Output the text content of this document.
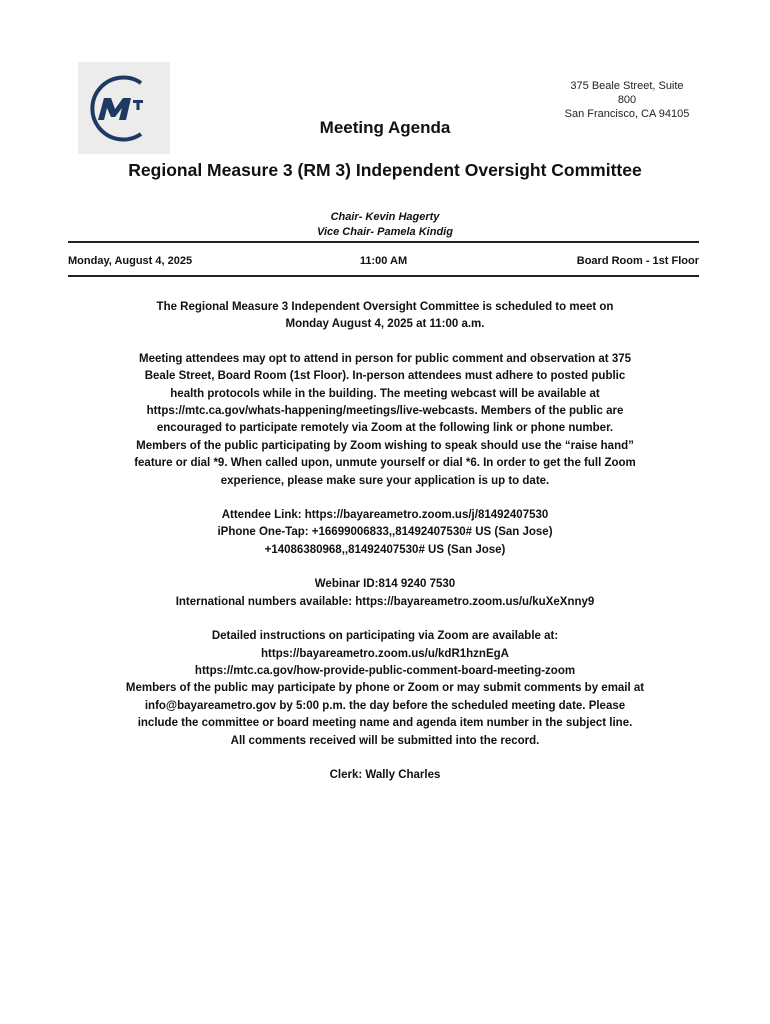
375 Beale Street, Suite
800
San Francisco, CA 94105
Meeting Agenda
Regional Measure 3 (RM 3) Independent Oversight Committee
Chair- Kevin Hagerty
Vice Chair- Pamela Kindig
Monday, August 4, 2025	11:00 AM	Board Room - 1st Floor

The Regional Measure 3 Independent Oversight Committee is scheduled to meet on
Monday August 4, 2025 at 11:00 a.m.

Meeting attendees may opt to attend in person for public comment and observation at 375
Beale Street, Board Room (1st Floor). In-person attendees must adhere to posted public
health protocols while in the building. The meeting webcast will be available at
https://mtc.ca.gov/whats-happening/meetings/live-webcasts. Members of the public are
encouraged to participate remotely via Zoom at the following link or phone number.
Members of the public participating by Zoom wishing to speak should use the “raise hand”
feature or dial *9. When called upon, unmute yourself or dial *6. In order to get the full Zoom
experience, please make sure your application is up to date.

Attendee Link: https://bayareametro.zoom.us/j/81492407530
iPhone One-Tap: +16699006833,,81492407530# US (San Jose)
+14086380968,,81492407530# US (San Jose)

Webinar ID:814 9240 7530
International numbers available: https://bayareametro.zoom.us/u/kuXeXnny9

Detailed instructions on participating via Zoom are available at:
https://bayareametro.zoom.us/u/kdR1hznEgA
https://mtc.ca.gov/how-provide-public-comment-board-meeting-zoom
Members of the public may participate by phone or Zoom or may submit comments by email at
info@bayareametro.gov by 5:00 p.m. the day before the scheduled meeting date. Please
include the committee or board meeting name and agenda item number in the subject line.
All comments received will be submitted into the record.

Clerk: Wally Charles
